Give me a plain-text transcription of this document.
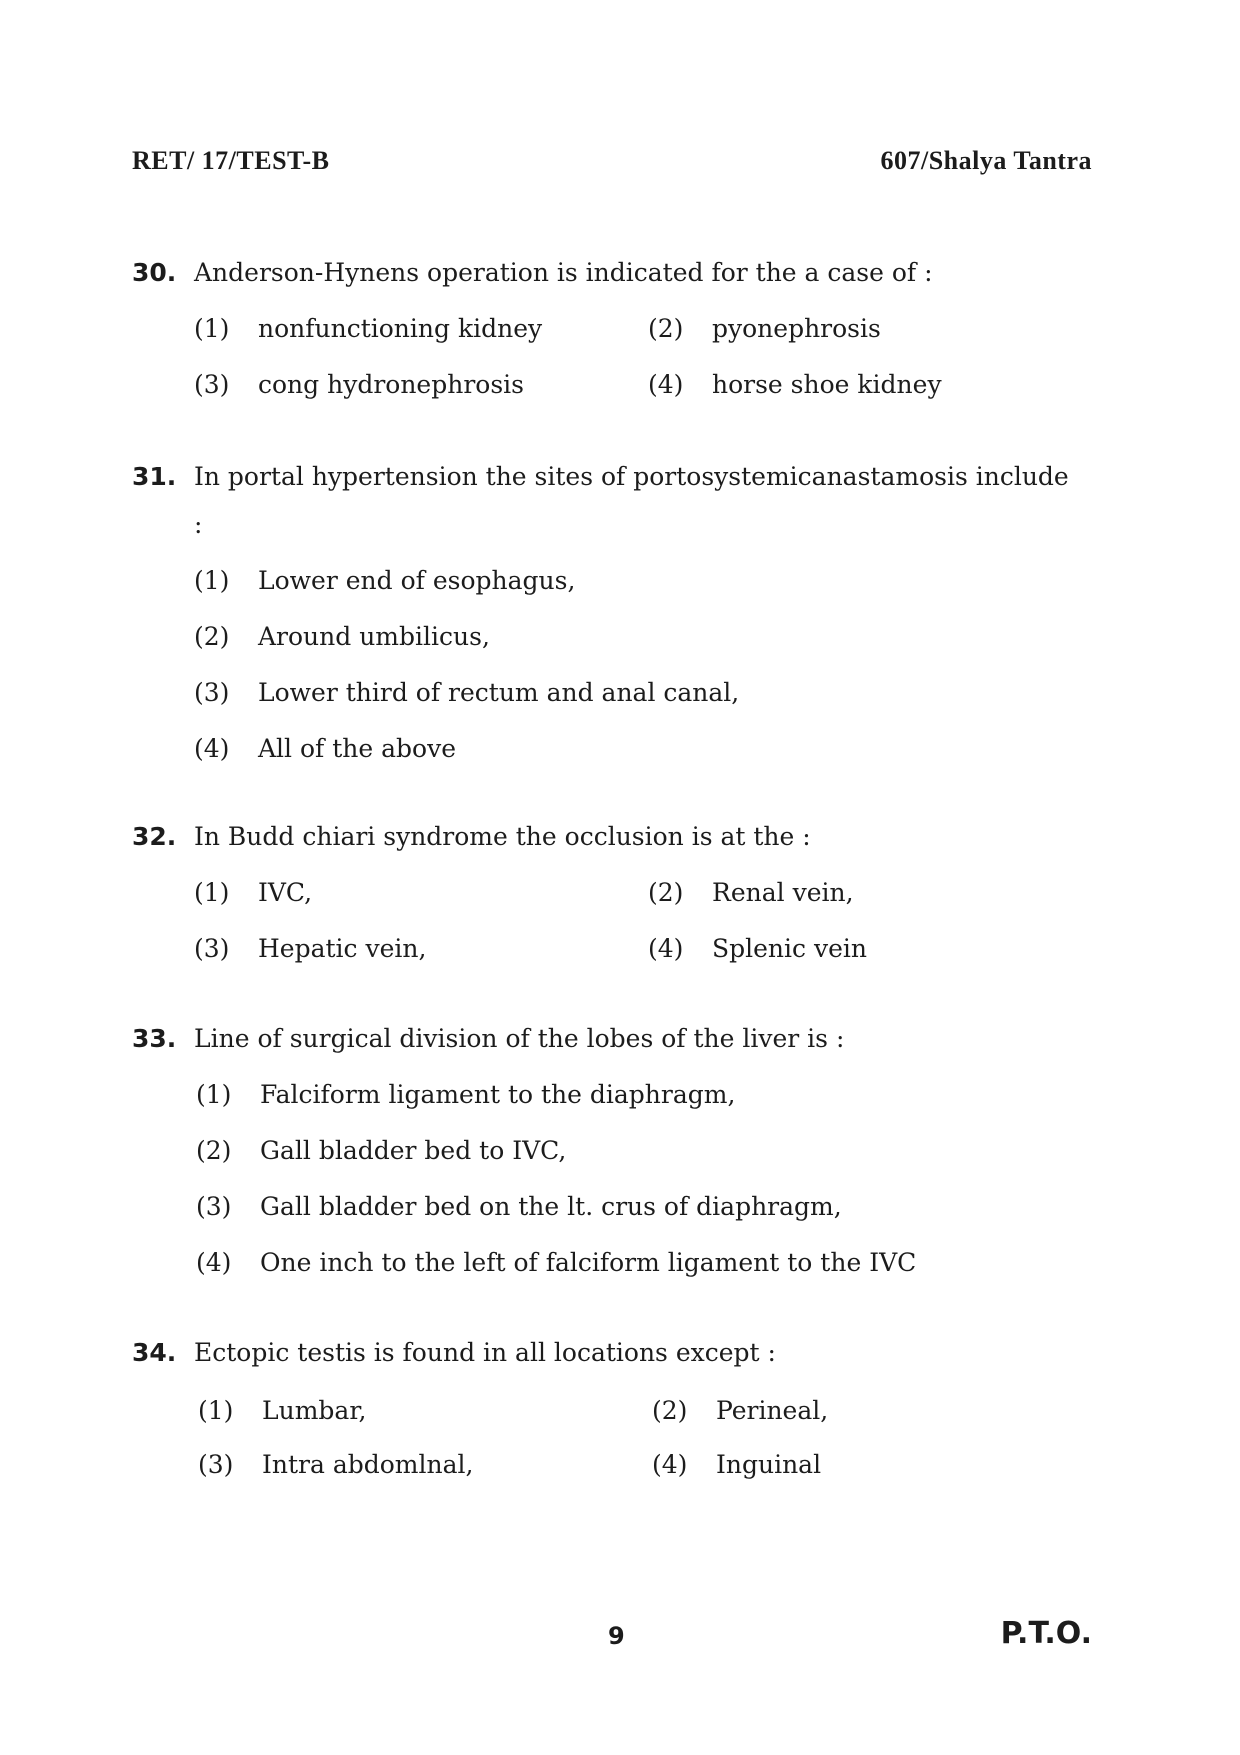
RET/ 17/TEST-B	607/Shalya Tantra
30. Anderson-Hynens operation is indicated for the a case of :
(1) nonfunctioning kidney	(2) pyonephrosis
(3) cong hydronephrosis	(4) horse shoe kidney
31. In portal hypertension the sites of portosystemicanastamosis include
:
(1) Lower end of esophagus,
(2) Around umbilicus,
(3) Lower third of rectum and anal canal,
(4) All of the above
32. In Budd chiari syndrome the occlusion is at the :
(1) IVC,	(2) Renal vein,
(3) Hepatic vein,	(4) Splenic vein
33. Line of surgical division of the lobes of the liver is :
(1) Falciform ligament to the diaphragm,
(2) Gall bladder bed to IVC,
(3) Gall bladder bed on the lt. crus of diaphragm,
(4) One inch to the left of falciform ligament to the IVC
34. Ectopic testis is found in all locations except :
(1) Lumbar,	(2) Perineal,
(3) Intra abdomlnal,	(4) Inguinal
9	P.T.O.
